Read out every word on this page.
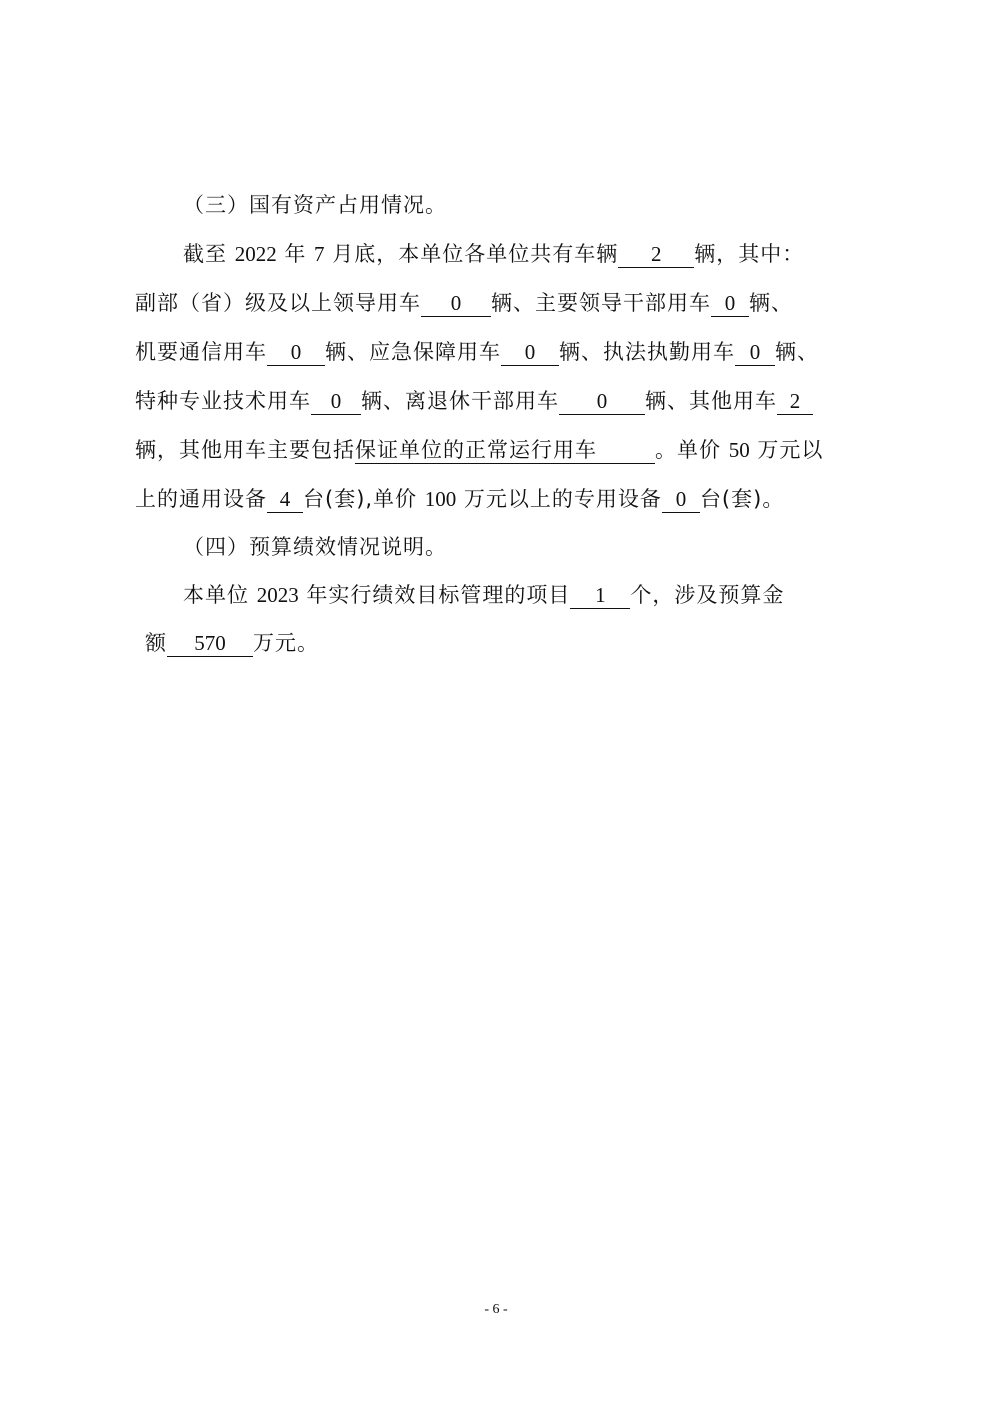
（三）国有资产占用情况。
截至 2022 年 7 月底，本单位各单位共有车辆 2 辆，其中：
副部（省）级及以上领导用车 0 辆、主要领导干部用车 0 辆、
机要通信用车 0 辆、应急保障用车 0 辆、执法执勤用车 0 辆、
特种专业技术用车 0 辆、离退休干部用车 0 辆、其他用车 2
辆，其他用车主要包括保证单位的正常运行用车	。单价 50 万元以
上的通用设备 4 台(套),单价 100 万元以上的专用设备 0 台(套)。
（四）预算绩效情况说明。
本单位 2023 年实行绩效目标管理的项目 1 个，涉及预算金
额 570 万元。
- 6 -
